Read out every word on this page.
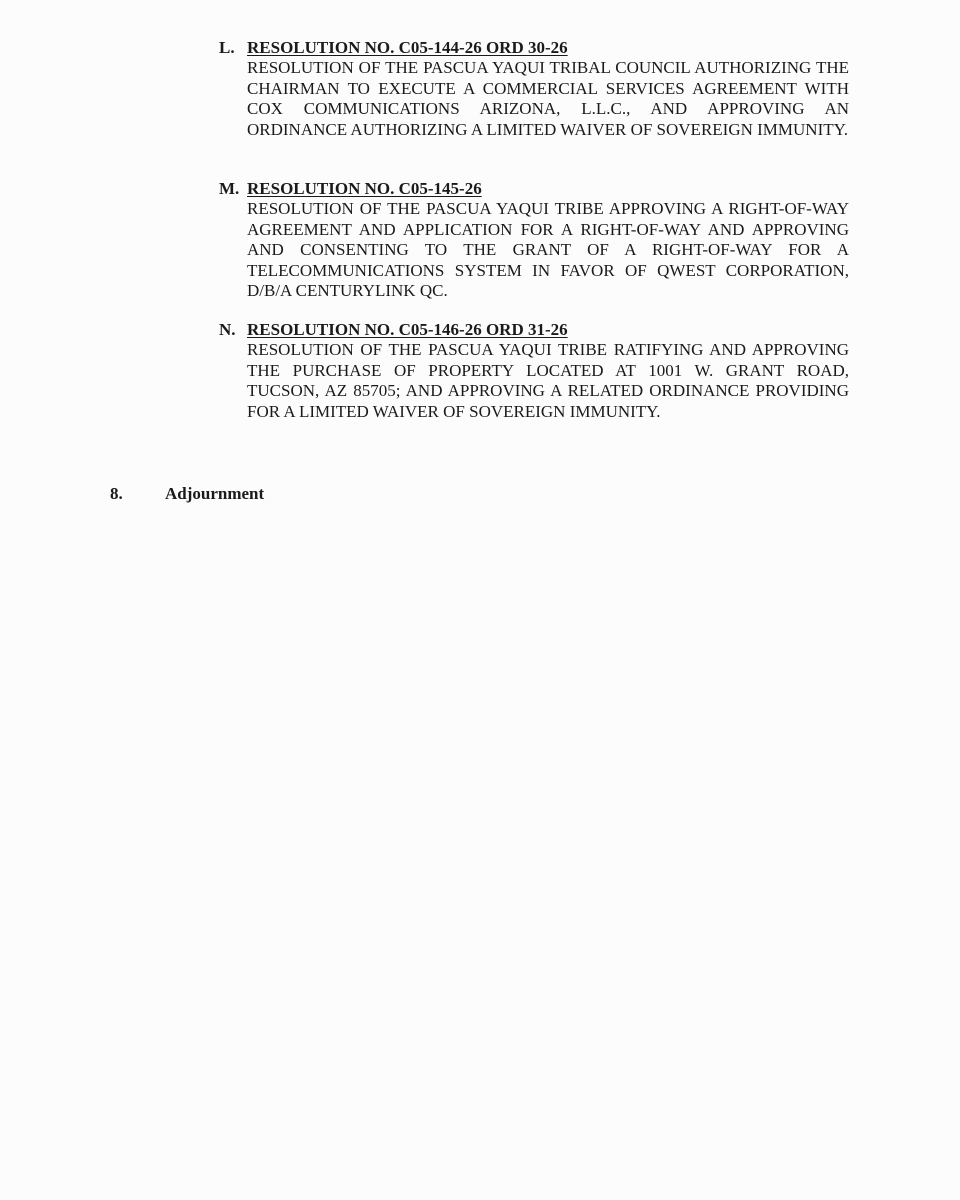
L. RESOLUTION NO. C05-144-26 ORD 30-26
RESOLUTION OF THE PASCUA YAQUI TRIBAL COUNCIL AUTHORIZING THE CHAIRMAN TO EXECUTE A COMMERCIAL SERVICES AGREEMENT WITH COX COMMUNICATIONS ARIZONA, L.L.C., AND APPROVING AN ORDINANCE AUTHORIZING A LIMITED WAIVER OF SOVEREIGN IMMUNITY.
M. RESOLUTION NO. C05-145-26
RESOLUTION OF THE PASCUA YAQUI TRIBE APPROVING A RIGHT-OF-WAY AGREEMENT AND APPLICATION FOR A RIGHT-OF-WAY AND APPROVING AND CONSENTING TO THE GRANT OF A RIGHT-OF-WAY FOR A TELECOMMUNICATIONS SYSTEM IN FAVOR OF QWEST CORPORATION, D/B/A CENTURYLINK QC.
N. RESOLUTION NO. C05-146-26 ORD 31-26
RESOLUTION OF THE PASCUA YAQUI TRIBE RATIFYING AND APPROVING THE PURCHASE OF PROPERTY LOCATED AT 1001 W. GRANT ROAD, TUCSON, AZ 85705; AND APPROVING A RELATED ORDINANCE PROVIDING FOR A LIMITED WAIVER OF SOVEREIGN IMMUNITY.
8.	Adjournment
